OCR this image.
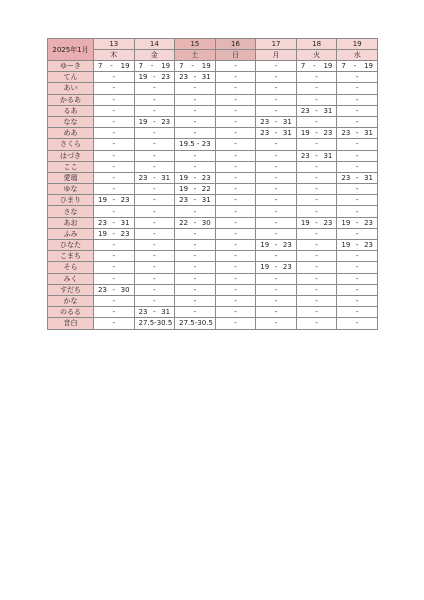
2025年1月	13	14	15	16	17	18	19
	木	金	土	日	月	火	水
ゆーき	7 - 19	7 - 19	7 - 19	-	-	7 - 19	7 - 19

てん	-	19 - 23	23 - 31	-	-	-	-
あい	-	-	-	-	-	-	-
かるあ	-	-	-	-	-	-	-
るあ	-	-	-	-	-	23 - 31	-
なな	-	19 - 23	-	-	23 - 31	-	-
めあ	-	-	-	-	23 - 31	19 - 23	23 - 31

さくら	-	-	19.5 - 23	-	-	-	-
はづき	-	-	-	-	-	23 - 31	-
ここ	-	-	-	-	-	-	-
愛瑠	-	23 - 31	19 - 23	-	-	-	23 - 31

ゆな	-	-	19 - 22	-	-	-	-
ひまり	19 - 23	-	23 - 31	-	-	-	-
さな	-	-	-	-	-	-	-
あお	23 - 31	-	22 - 30	-	-	19 - 23	19 - 23

ふみ	19 - 23	-	-	-	-	-	-
ひなた	-	-	-	-	19 - 23	-	19 - 23

こまち	-	-	-	-	-	-	-
そら	-	-	-	-	19 - 23	-	-
みく	-	-	-	-	-	-	-
すだち	23 - 30	-	-	-	-	-	-
かな	-	-	-	-	-	-	-
のるる	-	23 - 31	-	-	-	-	-
音白	-	27.5 - 30.5	27.5 - 30.5	-	-	-	-
